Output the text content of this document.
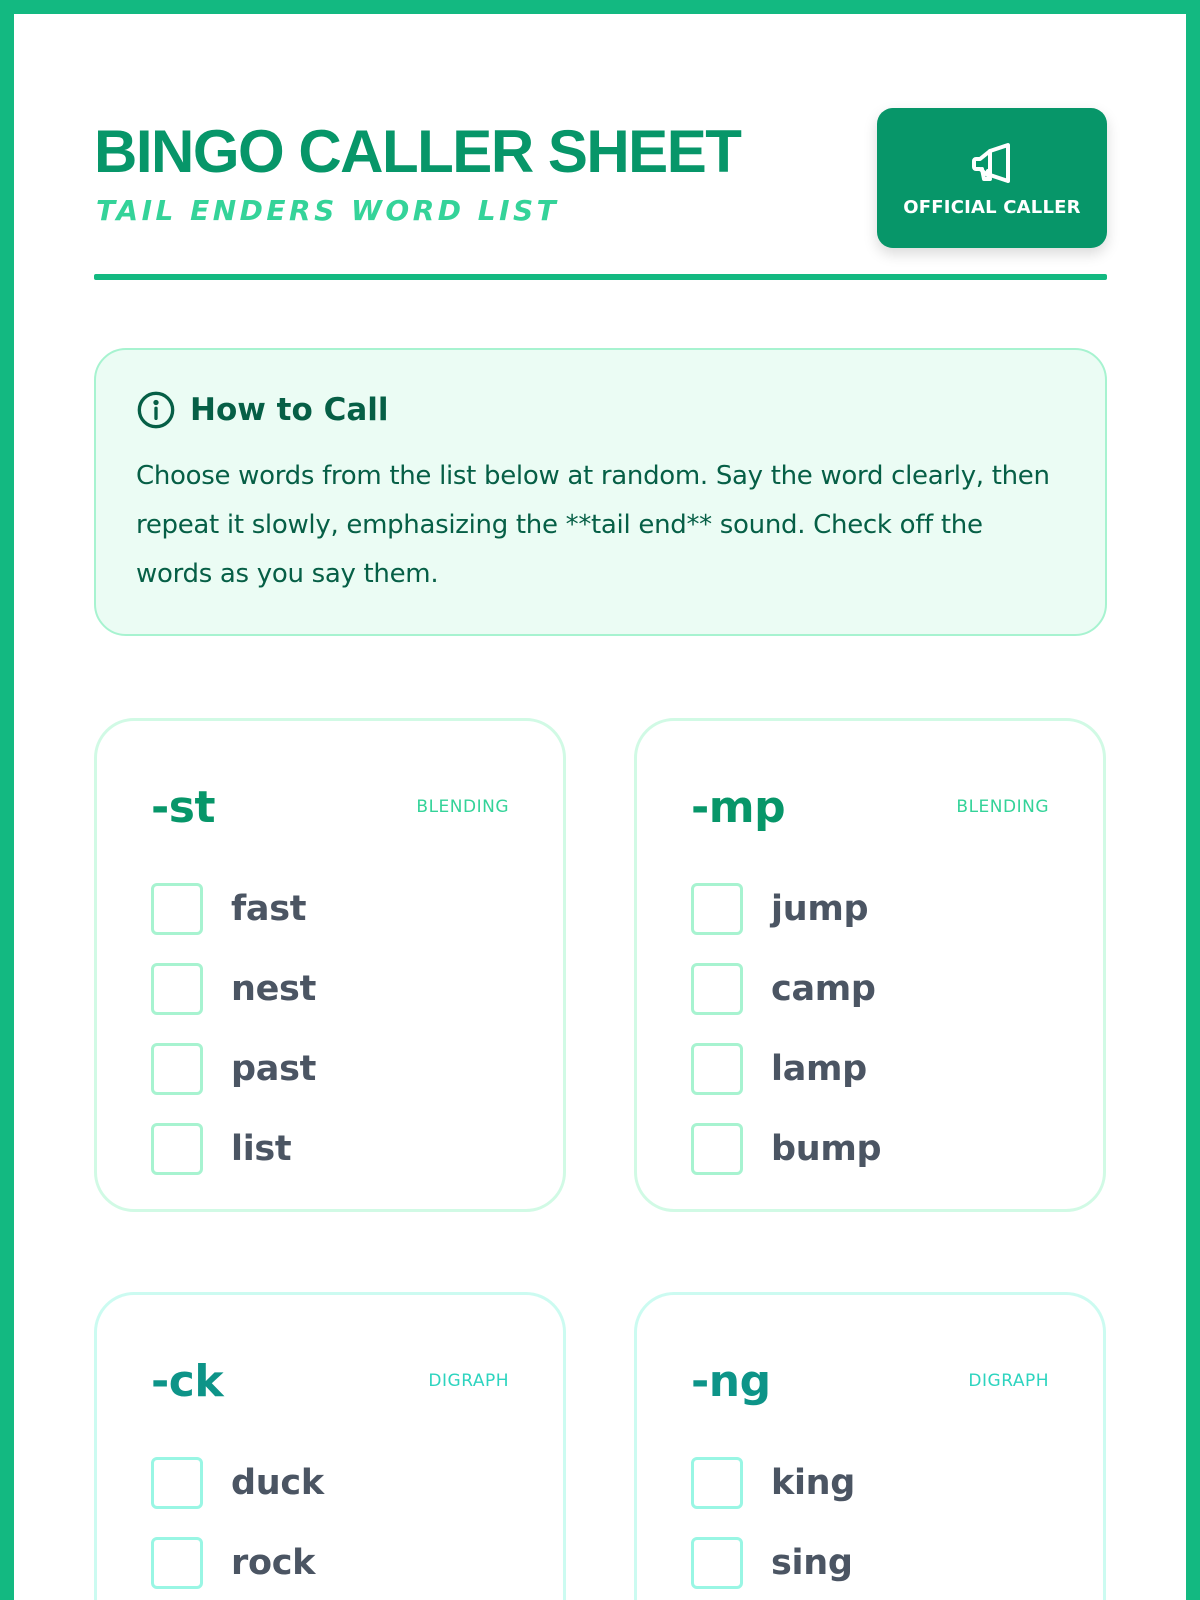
BINGO CALLER SHEET
TAIL ENDERS WORD LIST	OFFICIAL CALLER
How to Call

Choose words from the list below at random. Say the word clearly, then repeat it slowly, emphasizing the **tail end** sound. Check off the words as you say them.

-st	BLENDING
fast
nest
past
list
-mp	BLENDING
jump
camp
lamp
bump
-ck	DIGRAPH
duck
rock
-ng	DIGRAPH
king
sing
